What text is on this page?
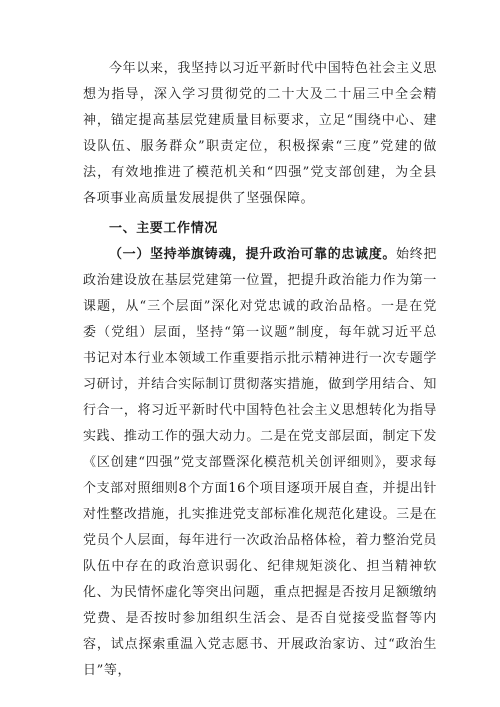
今年以来，我坚持以习近平新时代中国特色社会主义思想为指导，深入学习贯彻党的二十大及二十届三中全会精神，锚定提高基层党建质量目标要求，立足“围绕中心、建设队伍、服务群众”职责定位，积极探索“三度”党建的做法，有效地推进了模范机关和“四强”党支部创建，为全县各项事业高质量发展提供了坚强保障。

一、主要工作情况

（一）坚持举旗铸魂，提升政治可靠的忠诚度。始终把政治建设放在基层党建第一位置，把提升政治能力作为第一课题，从“三个层面”深化对党忠诚的政治品格。一是在党委（党组）层面，坚持“第一议题”制度，每年就习近平总书记对本行业本领域工作重要指示批示精神进行一次专题学习研讨，并结合实际制订贯彻落实措施，做到学用结合、知行合一，将习近平新时代中国特色社会主义思想转化为指导实践、推动工作的强大动力。二是在党支部层面，制定下发《区创建“四强”党支部暨深化模范机关创评细则》，要求每个支部对照细则8个方面16个项目逐项开展自查，并提出针对性整改措施，扎实推进党支部标准化规范化建设。三是在党员个人层面，每年进行一次政治品格体检，着力整治党员队伍中存在的政治意识弱化、纪律规矩淡化、担当精神软化、为民情怀虚化等突出问题，重点把握是否按月足额缴纳党费、是否按时参加组织生活会、是否自觉接受监督等内容，试点探索重温入党志愿书、开展政治家访、过“政治生日”等，
